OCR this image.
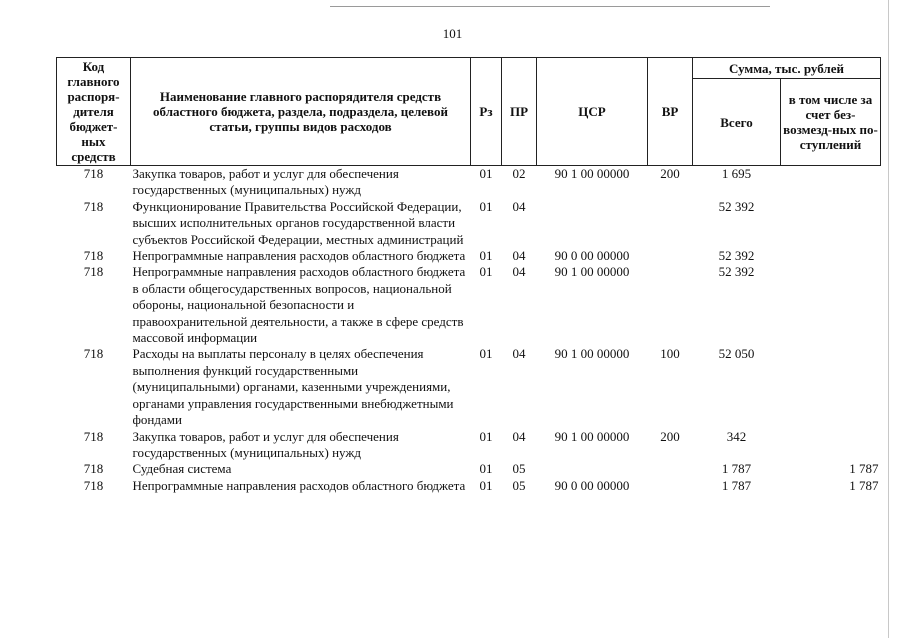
101
Код главного распоря-дителя бюджет-ных средств	Наименование главного распорядителя средств областного бюджета, раздела, подраздела, целевой статьи, группы видов расходов	Рз	ПР	ЦСР	ВР	Сумма, тыс. рублей	
						Всего	в том числе за счет без-возмезд-ных по-ступлений
718	Закупка товаров, работ и услуг для обеспечения государственных (муниципальных) нужд	01	02	90 1 00 00000	200	1 695	
718	Функционирование Правительства Российской Федерации, высших исполнительных органов государственной власти субъектов Российской Федерации, местных администраций	01	04			52 392	
718	Непрограммные направления расходов областного бюджета	01	04	90 0 00 00000		52 392	
718	Непрограммные направления расходов областного бюджета в области общегосударственных вопросов, национальной обороны, национальной безопасности и правоохранительной деятельности, а также в сфере средств массовой информации	01	04	90 1 00 00000		52 392	
718	Расходы на выплаты персоналу в целях обеспечения выполнения функций государственными (муниципальными) органами, казенными учреждениями, органами управления государственными внебюджетными фондами	01	04	90 1 00 00000	100	52 050	
718	Закупка товаров, работ и услуг для обеспечения государственных (муниципальных) нужд	01	04	90 1 00 00000	200	342	
718	Судебная система	01	05			1 787	1 787
718	Непрограммные направления расходов областного бюджета	01	05	90 0 00 00000		1 787	1 787
